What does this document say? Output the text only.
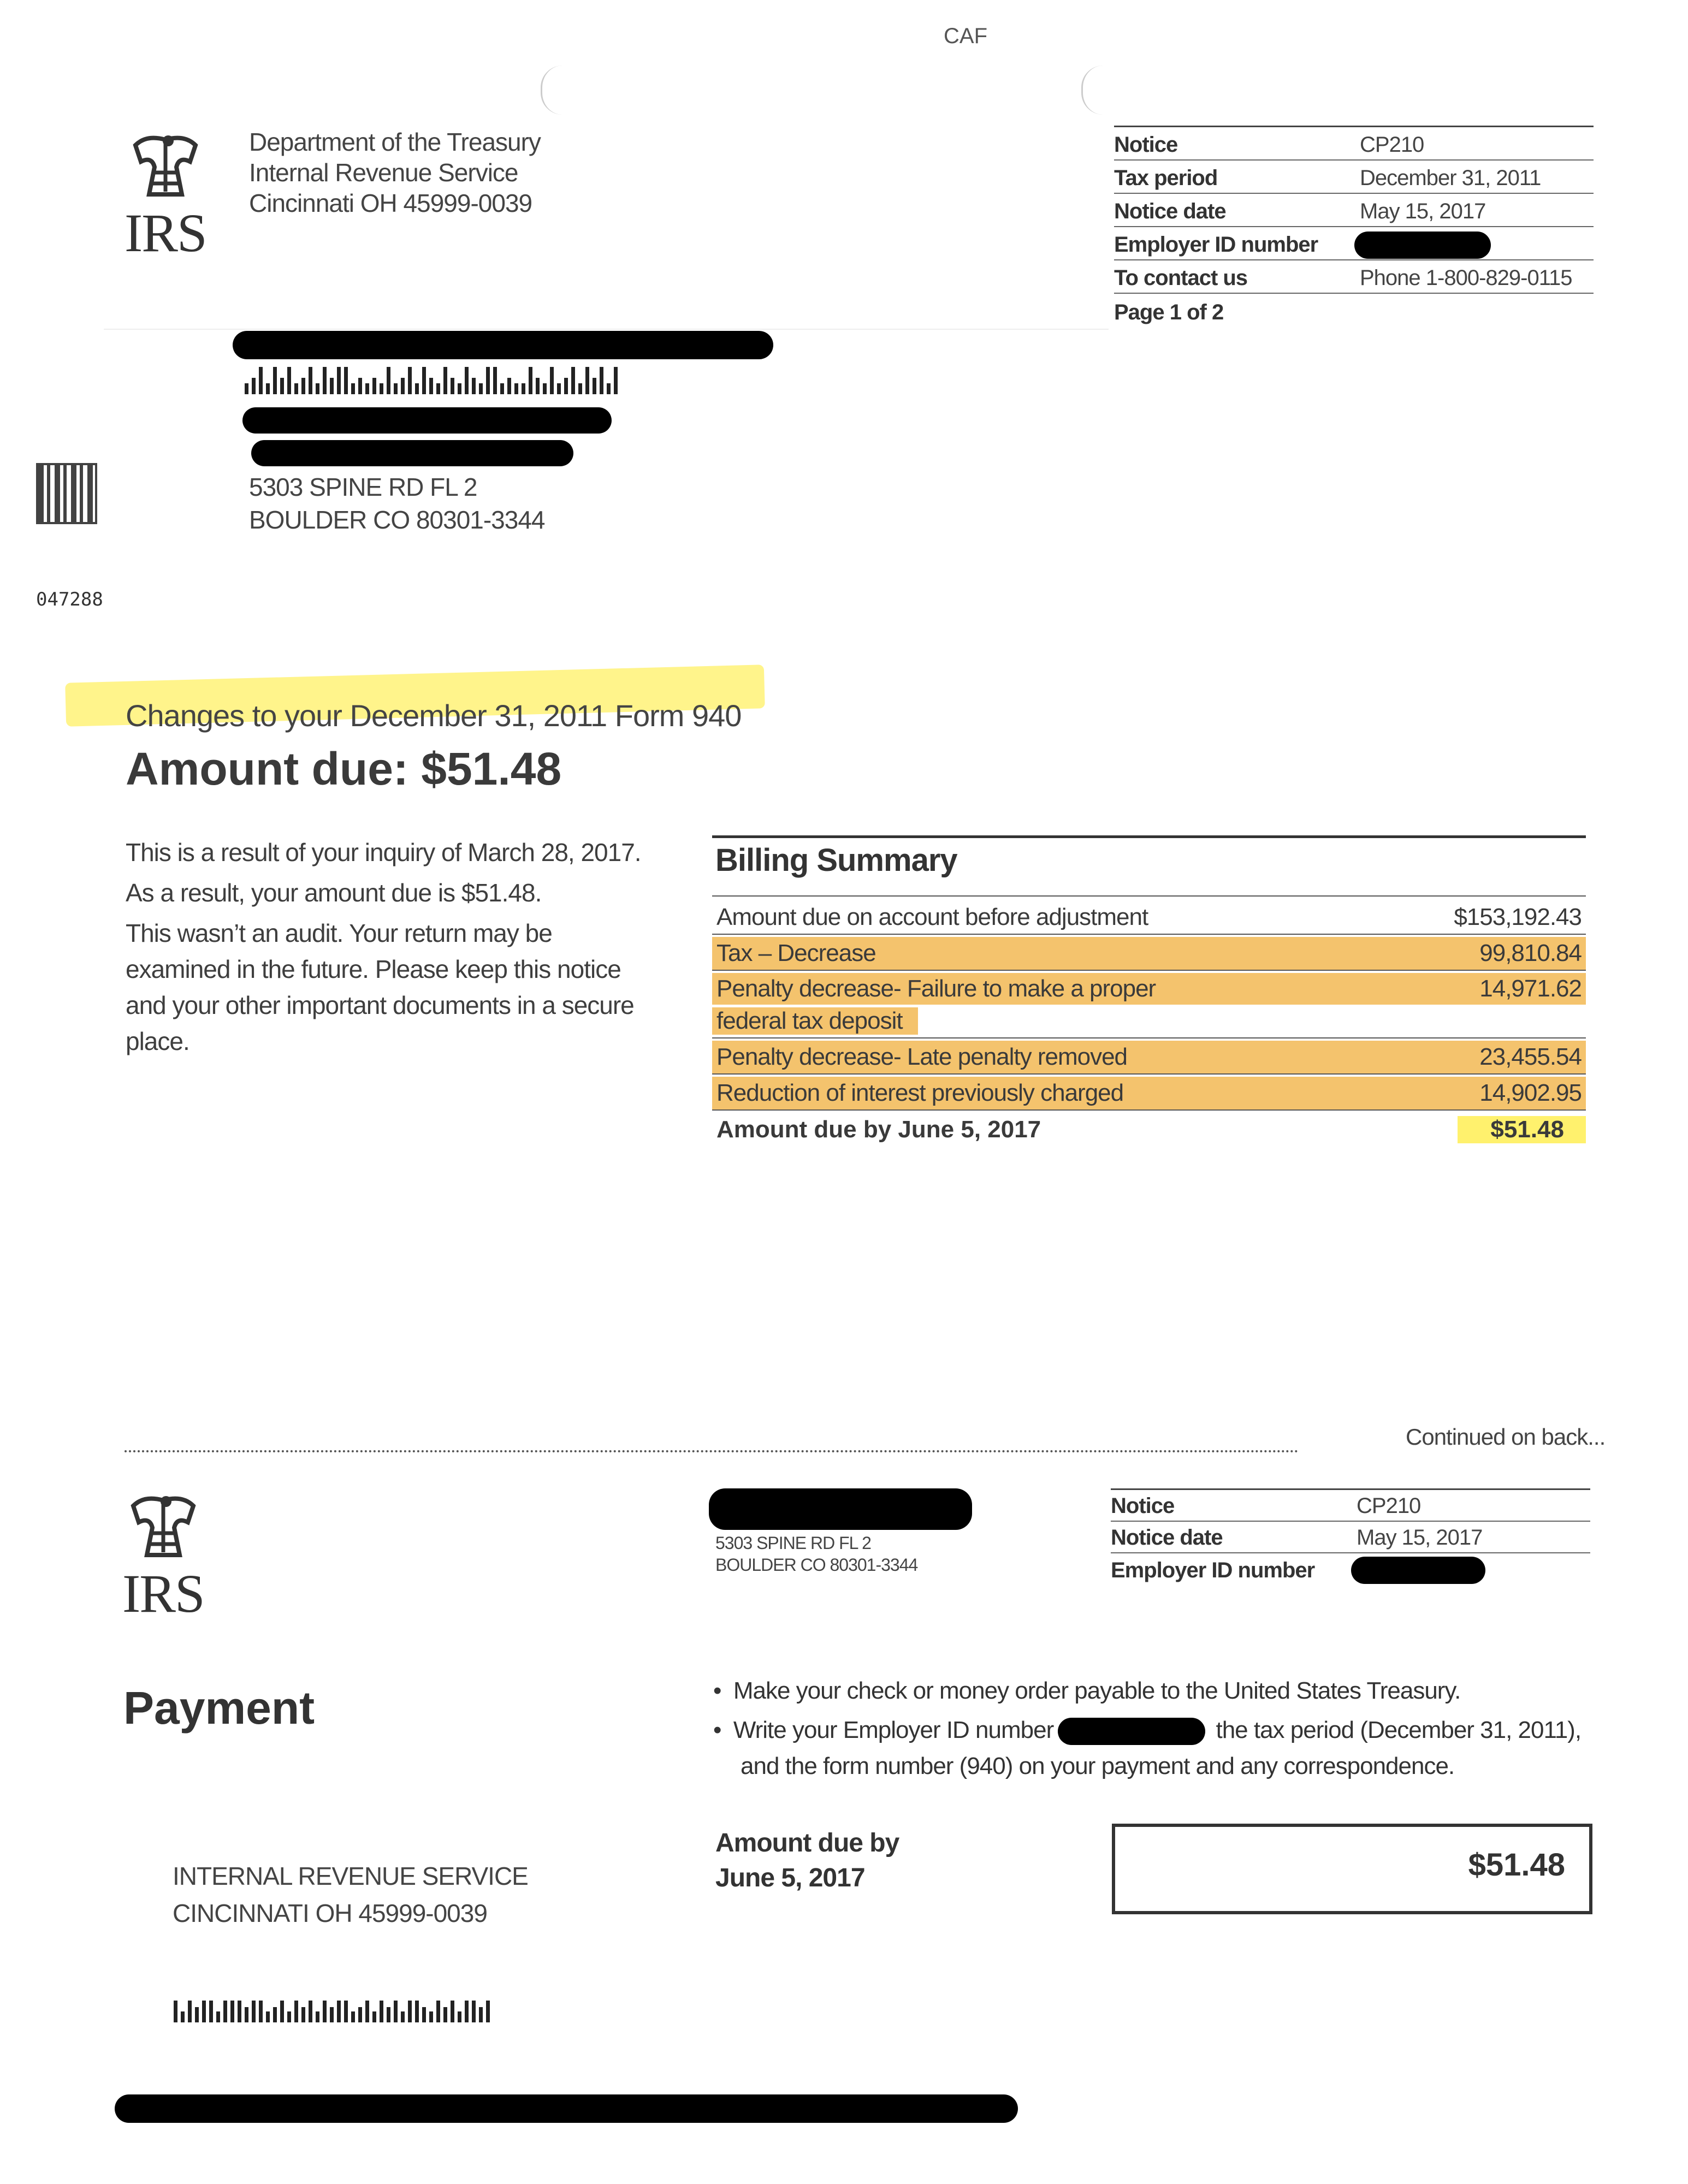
CAF
IRS
Department of the Treasury
Internal Revenue Service
Cincinnati OH 45999-0039
Notice	CP210
Tax period	December 31, 2011
Notice date	May 15, 2017
Employer ID number
To contact us	Phone 1-800-829-0115
Page 1 of 2
5303 SPINE RD FL 2
BOULDER CO 80301-3344
047288
Changes to your December 31, 2011 Form 940
Amount due: $51.48
This is a result of your inquiry of March 28, 2017.
As a result, your amount due is $51.48.
This wasn’t an audit. Your return may be
examined in the future. Please keep this notice
and your other important documents in a secure
place.
Billing Summary
Amount due on account before adjustment	$153,192.43
Tax – Decrease	99,810.84
Penalty decrease- Failure to make a proper	14,971.62
federal tax deposit
Penalty decrease- Late penalty removed	23,455.54
Reduction of interest previously charged	14,902.95
Amount due by June 5, 2017	$51.48
Continued on back...
IRS
5303 SPINE RD FL 2
BOULDER CO 80301-3344
Notice	CP210
Notice date	May 15, 2017
Employer ID number
Payment	•  Make your check or money order payable to the United States Treasury.
•  Write your Employer ID number	the tax period (December 31, 2011),
and the form number (940) on your payment and any correspondence.
Amount due by
June 5, 2017	$51.48
INTERNAL REVENUE SERVICE
CINCINNATI OH 45999-0039
